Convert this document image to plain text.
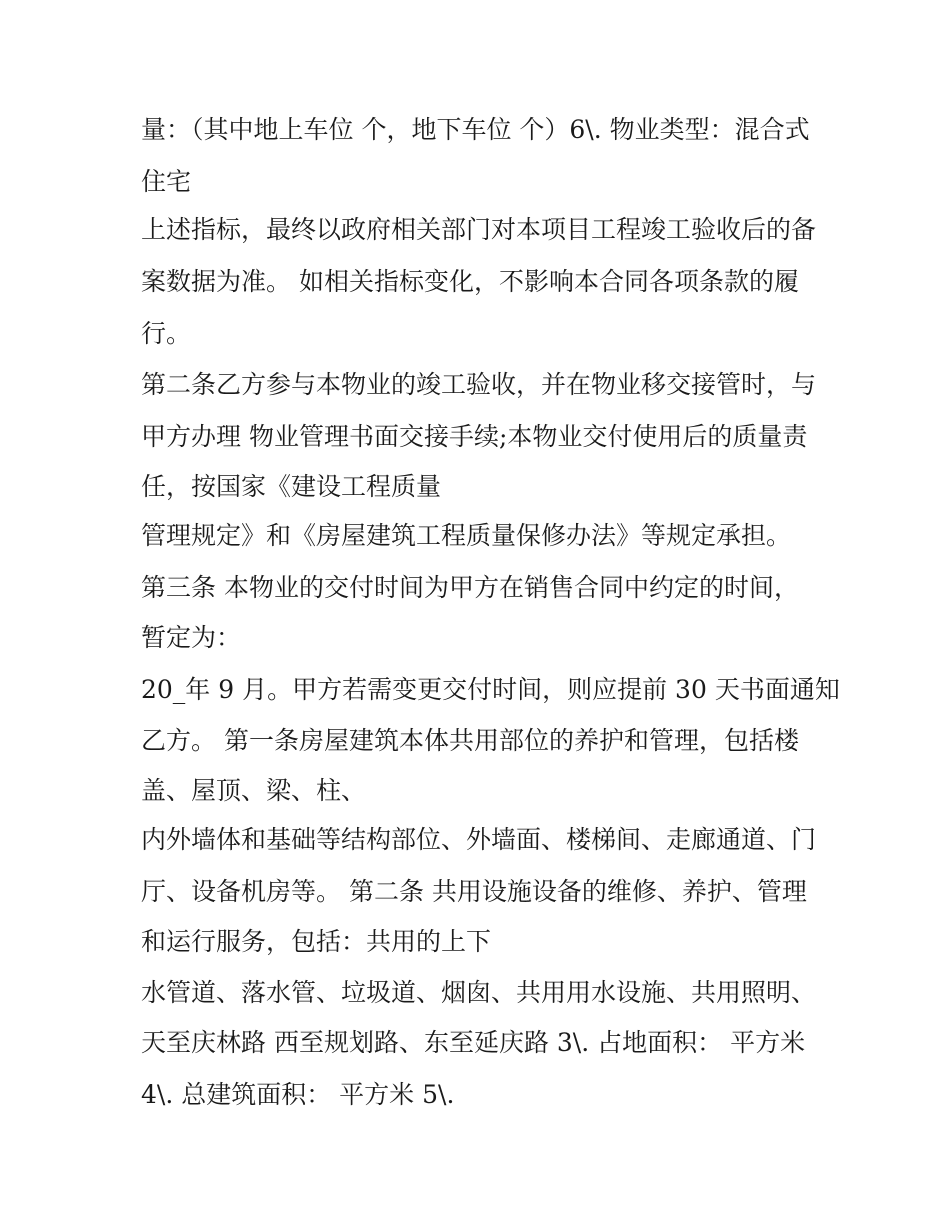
量：（其中地上车位 个，地下车位 个）6\. 物业类型：混合式
住宅
上述指标，最终以政府相关部门对本项目工程竣工验收后的备
案数据为准。 如相关指标变化，不影响本合同各项条款的履
行。
第二条乙方参与本物业的竣工验收，并在物业移交接管时，与
甲方办理 物业管理书面交接手续;本物业交付使用后的质量责
任，按国家《建设工程质量
管理规定》和《房屋建筑工程质量保修办法》等规定承担。
第三条 本物业的交付时间为甲方在销售合同中约定的时间，
暂定为：
20_年 9 月。甲方若需变更交付时间，则应提前 30 天书面通知
乙方。 第一条房屋建筑本体共用部位的养护和管理，包括楼
盖、屋顶、梁、柱、
内外墙体和基础等结构部位、外墙面、楼梯间、走廊通道、门
厅、设备机房等。 第二条 共用设施设备的维修、养护、管理
和运行服务，包括：共用的上下
水管道、落水管、垃圾道、烟囱、共用用水设施、共用照明、
天至庆林路 西至规划路、东至延庆路 3\. 占地面积： 平方米
4\. 总建筑面积： 平方米 5\.
